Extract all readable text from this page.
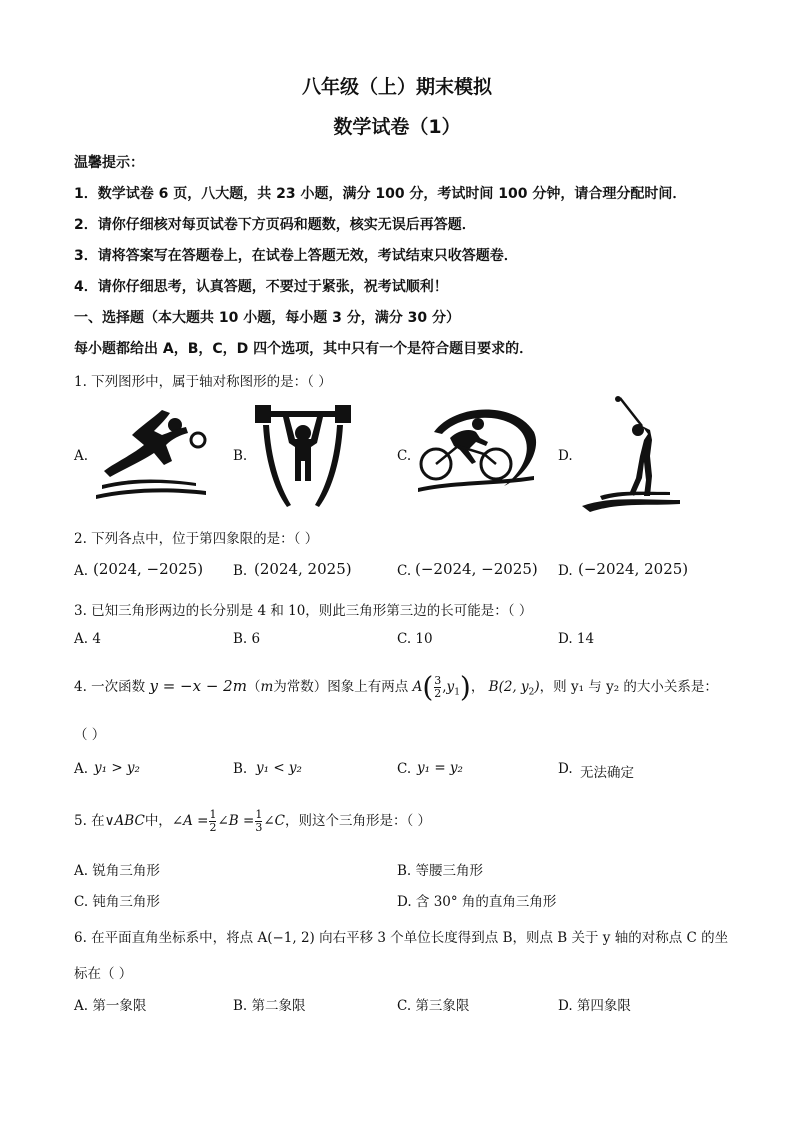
八年级（上）期末模拟
数学试卷（1）
温馨提示：
1．数学试卷 6 页，八大题，共 23 小题，满分 100 分，考试时间 100 分钟，请合理分配时间．
2．请你仔细核对每页试卷下方页码和题数，核实无误后再答题．
3．请将答案写在答题卷上，在试卷上答题无效，考试结束只收答题卷．
4．请你仔细思考，认真答题，不要过于紧张，祝考试顺利！
一、选择题（本大题共 10 小题，每小题 3 分，满分 30 分）
每小题都给出 A，B，C，D 四个选项，其中只有一个是符合题目要求的．
1. 下列图形中，属于轴对称图形的是：（ ）
A.	B.	C.	D.
2. 下列各点中，位于第四象限的是：（ ）
A. (2024, −2025) B. (2024, 2025)	C. (−2024, −2025) D. (−2024, 2025)
3. 已知三角形两边的长分别是 4 和 10，则此三角形第三边的长可能是：（ ）
A. 4	B. 6	C. 10	D. 14
4. 一次函数 y = −x − 2m（m为常数）图象上有两点 $A( \frac{3}{2} ,y_1)$， B(2, $y_2$)，则 y₁ 与 y₂ 的大小关系是：
（ ）
A. y₁ > y₂	B. y₁ < y₂	C. y₁ = y₂	D. 无法确定
5. 在∨ABC中，∠A = $\frac{1}{2}$ ∠B = $\frac{1}{3}$ ∠C，则这个三角形是：（ ）
A. 锐角三角形	B. 等腰三角形
C. 钝角三角形	D. 含 30° 角的直角三角形
6. 在平面直角坐标系中，将点 A(−1, 2) 向右平移 3 个单位长度得到点 B，则点 B 关于 y 轴的对称点 C 的坐
标在（ ）
A. 第一象限	B. 第二象限	C. 第三象限	D. 第四象限
